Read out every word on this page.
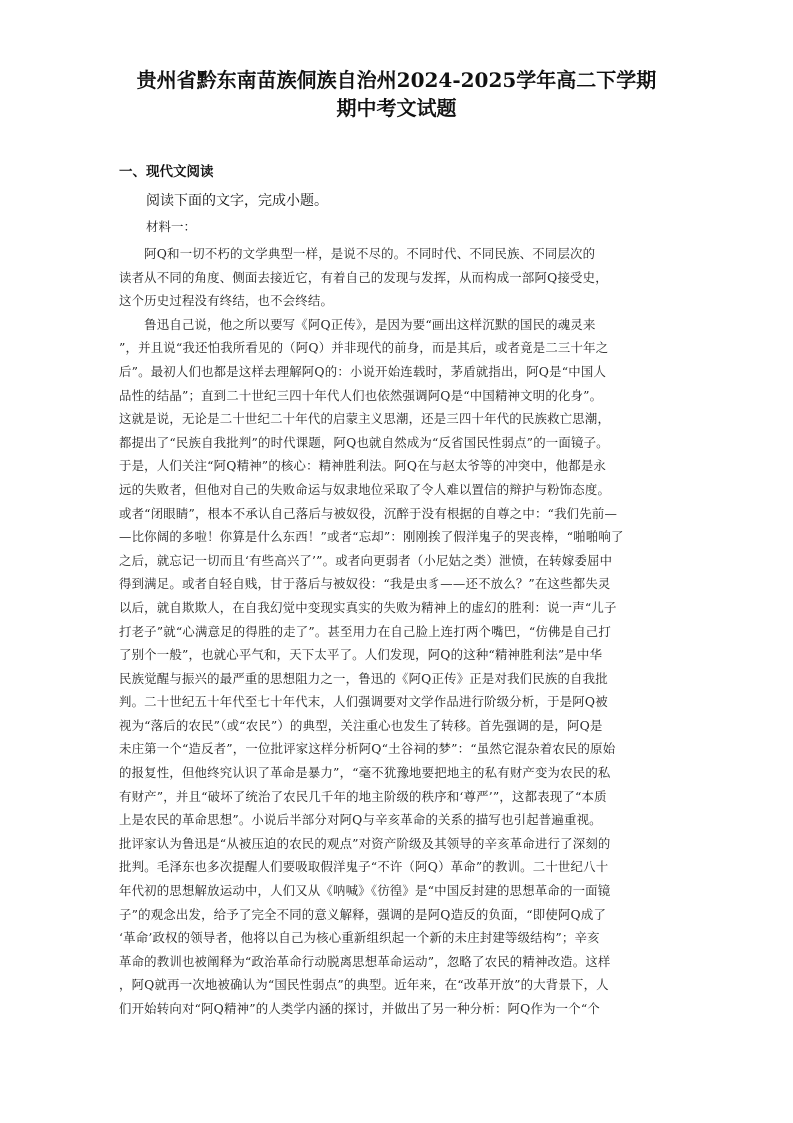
贵州省黔东南苗族侗族自治州2024-2025学年高二下学期
期中考文试题
一、现代文阅读
阅读下面的文字，完成小题。
材料一：
　　阿Q和一切不朽的文学典型一样，是说不尽的。不同时代、不同民族、不同层次的
读者从不同的角度、侧面去接近它，有着自己的发现与发挥，从而构成一部阿Q接受史，
这个历史过程没有终结，也不会终结。
　　鲁迅自己说，他之所以要写《阿Q正传》，是因为要“画出这样沉默的国民的魂灵来
”，并且说“我还怕我所看见的（阿Q）并非现代的前身，而是其后，或者竟是二三十年之
后”。最初人们也都是这样去理解阿Q的：小说开始连载时，茅盾就指出，阿Q是“中国人
品性的结晶”；直到二十世纪三四十年代人们也依然强调阿Q是“中国精神文明的化身”。
这就是说，无论是二十世纪二十年代的启蒙主义思潮，还是三四十年代的民族救亡思潮，
都提出了“民族自我批判”的时代课题，阿Q也就自然成为“反省国民性弱点”的一面镜子。
于是，人们关注“阿Q精神”的核心：精神胜利法。阿Q在与赵太爷等的冲突中，他都是永
远的失败者，但他对自己的失败命运与奴隶地位采取了令人难以置信的辩护与粉饰态度。
或者“闭眼睛”，根本不承认自己落后与被奴役，沉醉于没有根据的自尊之中：“我们先前—
—比你阔的多啦！你算是什么东西！”或者“忘却”：刚刚挨了假洋鬼子的哭丧棒，“啪啪响了
之后，就忘记一切而且‘有些高兴了’”。或者向更弱者（小尼姑之类）泄愤，在转嫁委屈中
得到满足。或者自轻自贱，甘于落后与被奴役：“我是虫豸——还不放么？”在这些都失灵
以后，就自欺欺人，在自我幻觉中变现实真实的失败为精神上的虚幻的胜利：说一声“儿子
打老子”就“心满意足的得胜的走了”。甚至用力在自己脸上连打两个嘴巴，“仿佛是自己打
了别个一般”，也就心平气和，天下太平了。人们发现，阿Q的这种“精神胜利法”是中华
民族觉醒与振兴的最严重的思想阻力之一，鲁迅的《阿Q正传》正是对我们民族的自我批
判。二十世纪五十年代至七十年代末，人们强调要对文学作品进行阶级分析，于是阿Q被
视为“落后的农民”（或“农民”）的典型，关注重心也发生了转移。首先强调的是，阿Q是
未庄第一个“造反者”，一位批评家这样分析阿Q“土谷祠的梦”：“虽然它混杂着农民的原始
的报复性，但他终究认识了革命是暴力”，“毫不犹豫地要把地主的私有财产变为农民的私
有财产”，并且“破坏了统治了农民几千年的地主阶级的秩序和‘尊严’”，这都表现了“本质
上是农民的革命思想”。小说后半部分对阿Q与辛亥革命的关系的描写也引起普遍重视。
批评家认为鲁迅是“从被压迫的农民的观点”对资产阶级及其领导的辛亥革命进行了深刻的
批判。毛泽东也多次提醒人们要吸取假洋鬼子“不许（阿Q）革命”的教训。二十世纪八十
年代初的思想解放运动中，人们又从《呐喊》《彷徨》是“中国反封建的思想革命的一面镜
子”的观念出发，给予了完全不同的意义解释，强调的是阿Q造反的负面，“即使阿Q成了
‘革命’政权的领导者，他将以自己为核心重新组织起一个新的未庄封建等级结构”；辛亥
革命的教训也被阐释为“政治革命行动脱离思想革命运动”，忽略了农民的精神改造。这样
，阿Q就再一次地被确认为“国民性弱点”的典型。近年来，在“改革开放”的大背景下，人
们开始转向对“阿Q精神”的人类学内涵的探讨，并做出了另一种分析：阿Q作为一个“个
